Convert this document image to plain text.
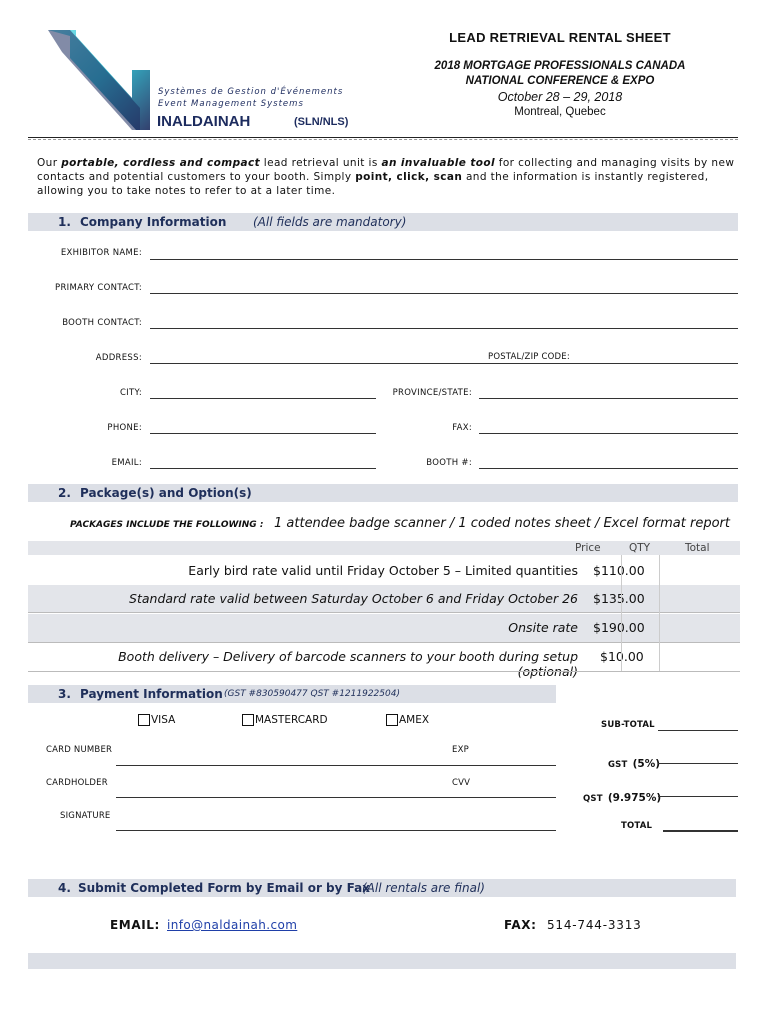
Systèmes de Gestion d'Événements
Event Management Systems
INALDAINAH	(SLN/NLS)
LEAD RETRIEVAL RENTAL SHEET
2018 MORTGAGE PROFESSIONALS CANADA
NATIONAL CONFERENCE & EXPO
October 28 – 29, 2018
Montreal, Quebec
Our portable, cordless and compact lead retrieval unit is an invaluable tool for collecting and managing visits by new contacts and potential customers to your booth. Simply point, click, scan and the information is instantly registered, allowing you to take notes to refer to at a later time.
1. Company Information (All fields are mandatory)
EXHIBITOR NAME:
PRIMARY CONTACT:
BOOTH CONTACT:
ADDRESS:	POSTAL/ZIP CODE:
CITY:	PROVINCE/STATE:
PHONE:	FAX:
EMAIL:	BOOTH #:
2. Package(s) and Option(s)
PACKAGES INCLUDE THE FOLLOWING : 1 attendee badge scanner / 1 coded notes sheet / Excel format report
Price	QTY	Total
Early bird rate valid until Friday October 5 – Limited quantities $110.00
Standard rate valid between Saturday October 6 and Friday October 26 $135.00
Onsite rate $190.00
Booth delivery – Delivery of barcode scanners to your booth during setup (optional)
$10.00
3. Payment Information (GST #830590477 QST #1211922504)
VISA	MASTERCARD	AMEX
CARD NUMBER	EXP
CARDHOLDER	CVV
SIGNATURE
SUB-TOTAL
GST (5%)
QST (9.975%)
TOTAL
4. Submit Completed Form by Email or by Fax
(All rentals are final)
EMAIL: info@naldainah.com	FAX: 514-744-3313
